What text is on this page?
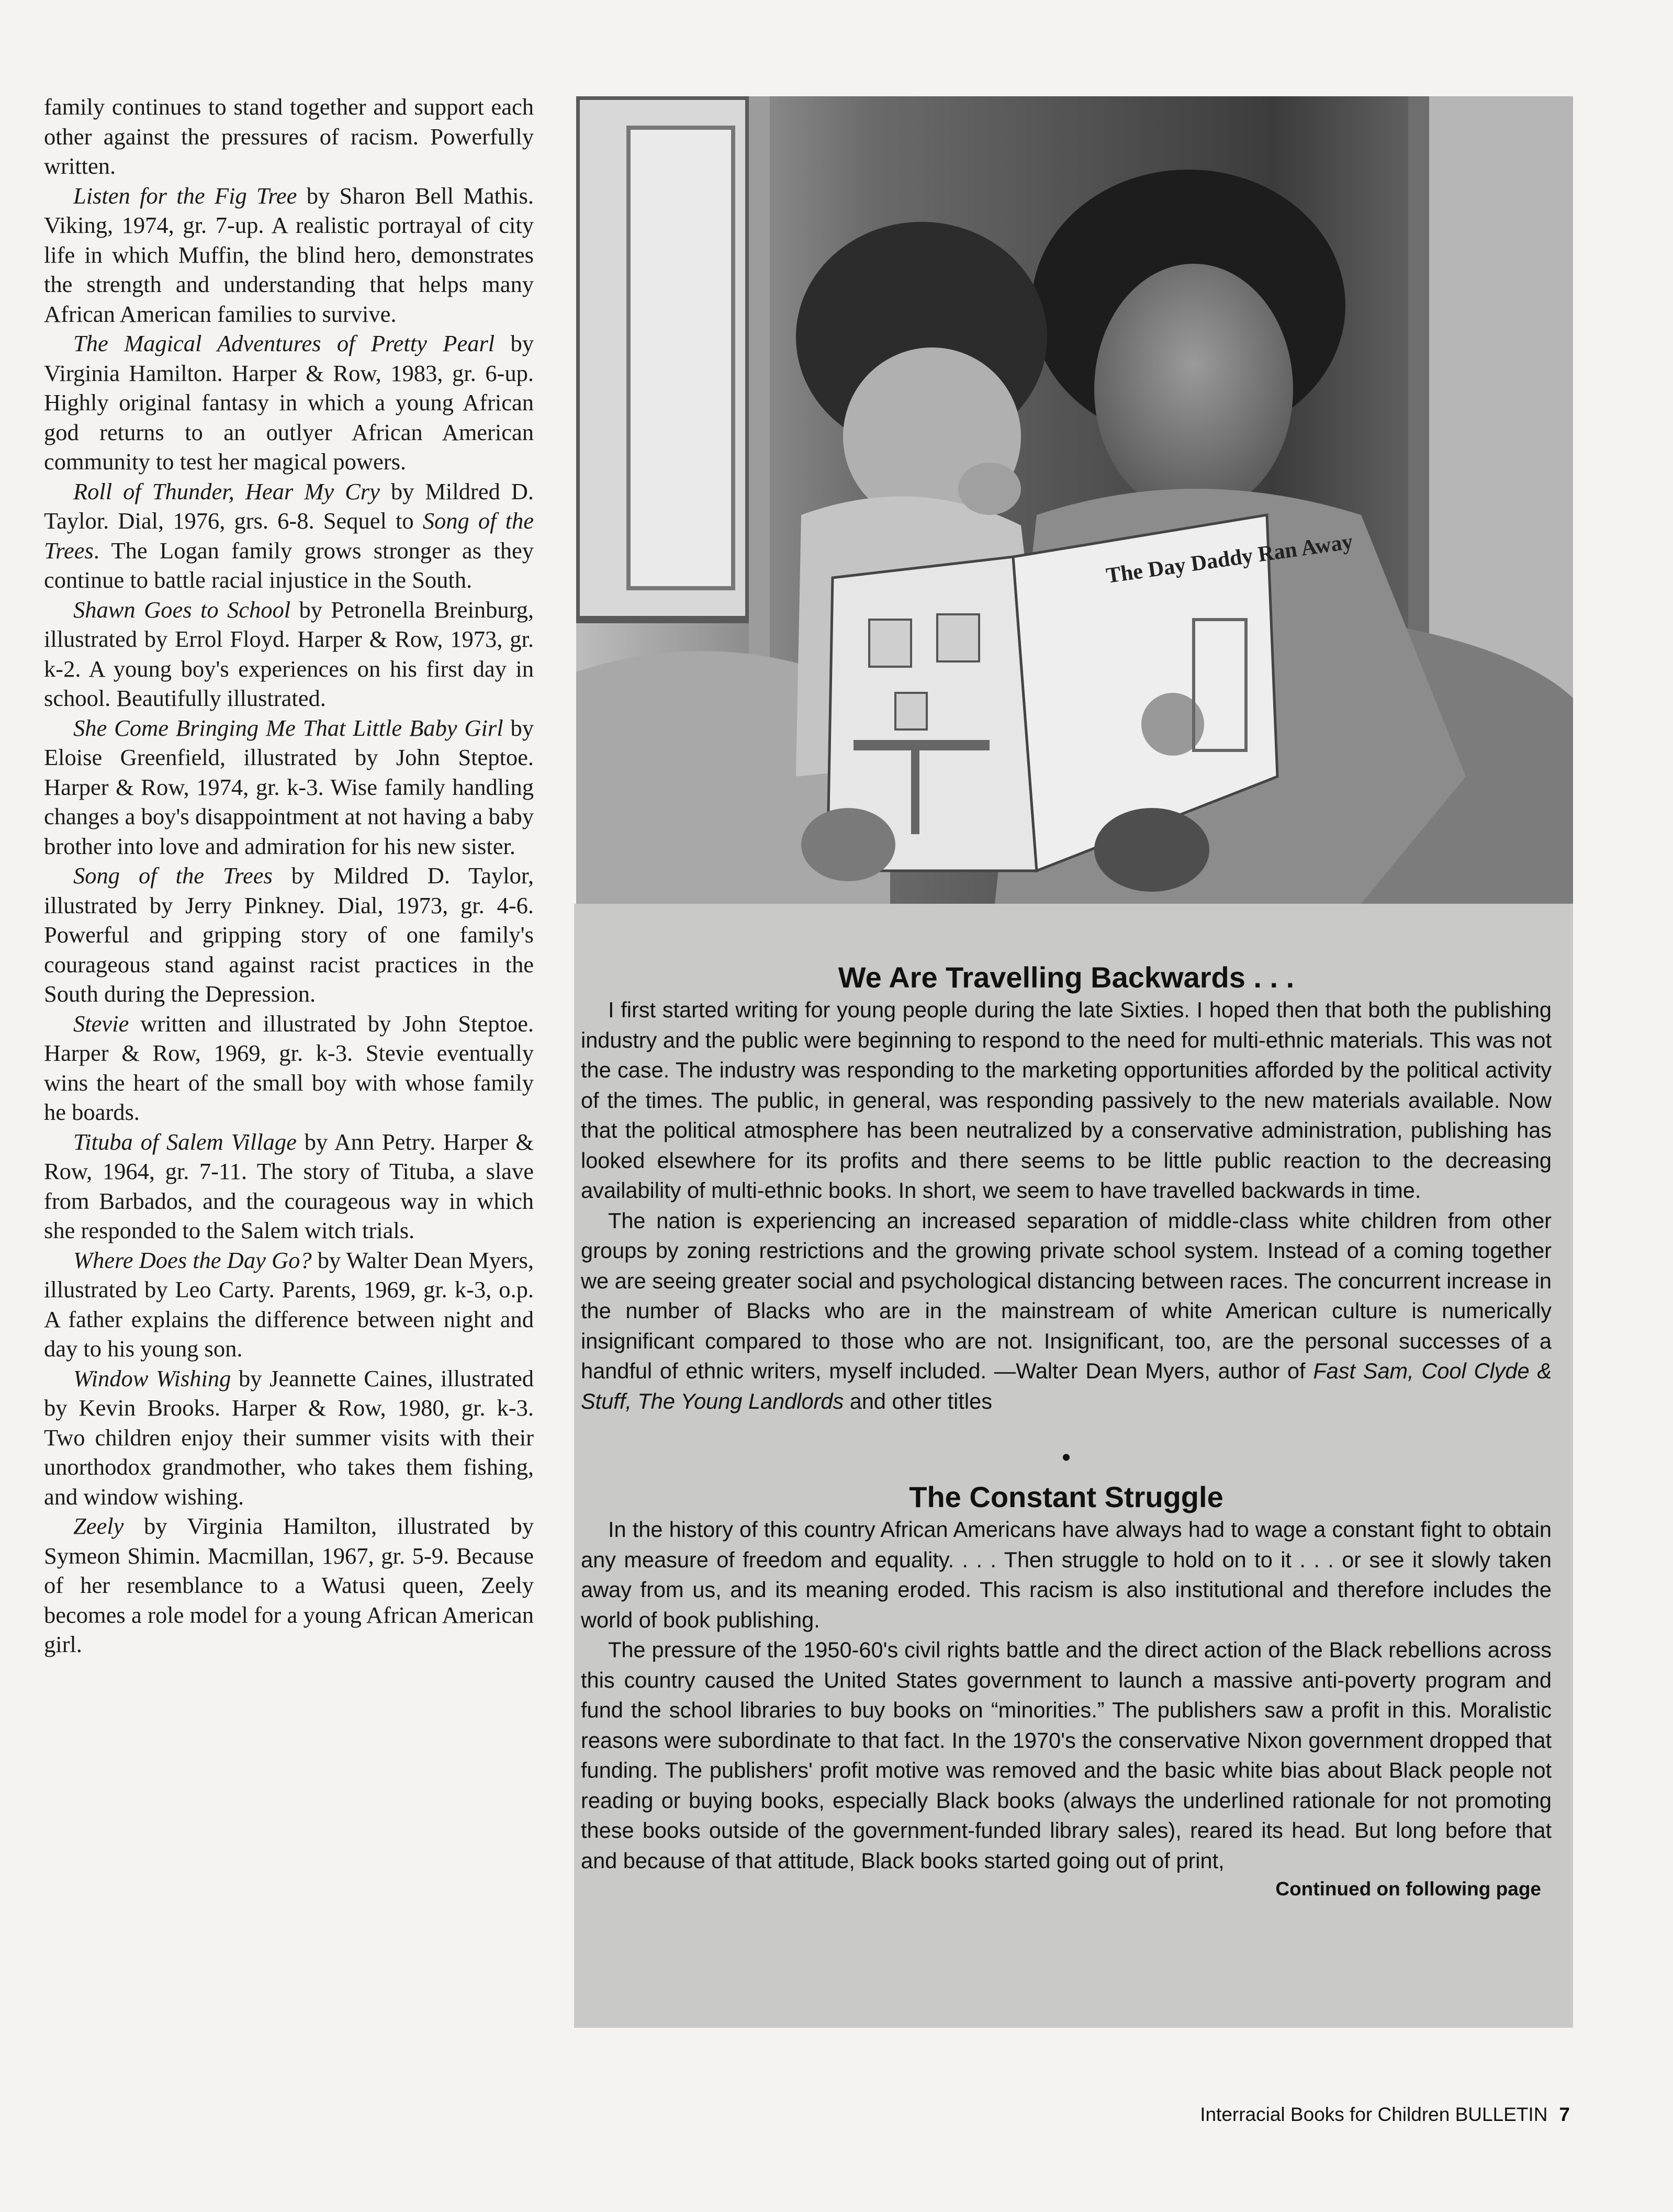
family continues to stand together and support each other against the pressures of racism. Powerfully written.

Listen for the Fig Tree by Sharon Bell Mathis. Viking, 1974, gr. 7-up. A realistic portrayal of city life in which Muffin, the blind hero, demonstrates the strength and understanding that helps many African American families to survive.

The Magical Adventures of Pretty Pearl by Virginia Hamilton. Harper & Row, 1983, gr. 6-up. Highly original fantasy in which a young African god returns to an outlyer African American community to test her magical powers.

Roll of Thunder, Hear My Cry by Mildred D. Taylor. Dial, 1976, grs. 6-8. Sequel to Song of the Trees. The Logan family grows stronger as they continue to battle racial injustice in the South.

Shawn Goes to School by Petronella Breinburg, illustrated by Errol Floyd. Harper & Row, 1973, gr. k-2. A young boy's experiences on his first day in school. Beautifully illustrated.

She Come Bringing Me That Little Baby Girl by Eloise Greenfield, illustrated by John Steptoe. Harper & Row, 1974, gr. k-3. Wise family handling changes a boy's disappointment at not having a baby brother into love and admiration for his new sister.

Song of the Trees by Mildred D. Taylor, illustrated by Jerry Pinkney. Dial, 1973, gr. 4-6. Powerful and gripping story of one family's courageous stand against racist practices in the South during the Depression.

Stevie written and illustrated by John Steptoe. Harper & Row, 1969, gr. k-3. Stevie eventually wins the heart of the small boy with whose family he boards.

Tituba of Salem Village by Ann Petry. Harper & Row, 1964, gr. 7-11. The story of Tituba, a slave from Barbados, and the courageous way in which she responded to the Salem witch trials.

Where Does the Day Go? by Walter Dean Myers, illustrated by Leo Carty. Parents, 1969, gr. k-3, o.p. A father explains the difference between night and day to his young son.

Window Wishing by Jeannette Caines, illustrated by Kevin Brooks. Harper & Row, 1980, gr. k-3. Two children enjoy their summer visits with their unorthodox grandmother, who takes them fishing, and window wishing.

Zeely by Virginia Hamilton, illustrated by Symeon Shimin. Macmillan, 1967, gr. 5-9. Because of her resemblance to a Watusi queen, Zeely becomes a role model for a young African American girl.

The Day Daddy Ran Away
We Are Travelling Backwards . . .

I first started writing for young people during the late Sixties. I hoped then that both the publishing industry and the public were beginning to respond to the need for multi-ethnic materials. This was not the case. The industry was responding to the marketing opportunities afforded by the political activity of the times. The public, in general, was responding passively to the new materials available. Now that the political atmosphere has been neutralized by a conservative administration, publishing has looked elsewhere for its profits and there seems to be little public reaction to the decreasing availability of multi-ethnic books. In short, we seem to have travelled backwards in time.

The nation is experiencing an increased separation of middle-class white children from other groups by zoning restrictions and the growing private school system. Instead of a coming together we are seeing greater social and psychological distancing between races. The concurrent increase in the number of Blacks who are in the mainstream of white American culture is numerically insignificant compared to those who are not. Insignificant, too, are the personal successes of a handful of ethnic writers, myself included. —Walter Dean Myers, author of Fast Sam, Cool Clyde & Stuff, The Young Landlords and other titles

•
The Constant Struggle

In the history of this country African Americans have always had to wage a constant fight to obtain any measure of freedom and equality. . . . Then struggle to hold on to it . . . or see it slowly taken away from us, and its meaning eroded. This racism is also institutional and therefore includes the world of book publishing.

The pressure of the 1950-60's civil rights battle and the direct action of the Black rebellions across this country caused the United States government to launch a massive anti-poverty program and fund the school libraries to buy books on “minorities.” The publishers saw a profit in this. Moralistic reasons were subordinate to that fact. In the 1970's the conservative Nixon government dropped that funding. The publishers' profit motive was removed and the basic white bias about Black people not reading or buying books, especially Black books (always the underlined rationale for not promoting these books outside of the government-funded library sales), reared its head. But long before that and because of that attitude, Black books started going out of print,

Continued on following page

Interracial Books for Children BULLETIN 7
